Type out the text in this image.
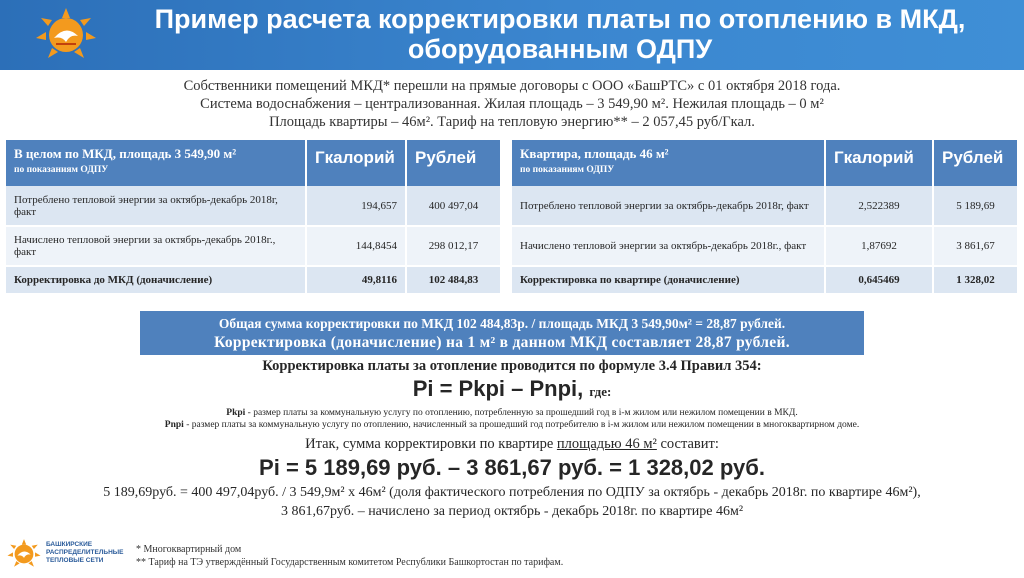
Пример расчета корректировки платы по отоплению в МКД,
оборудованным ОДПУ
Собственники помещений МКД* перешли на прямые договоры с ООО «БашРТС» с 01 октября 2018 года.
Система водоснабжения – централизованная. Жилая площадь – 3 549,90 м². Нежилая площадь – 0 м²
Площадь квартиры – 46м². Тариф на тепловую энергию** – 2 057,45 руб/Гкал.
В целом по МКД, площадь 3 549,90 м²
по показаниям ОДПУ	Гкалорий	Рублей
Потреблено тепловой энергии за октябрь-декабрь 2018г, факт	194,657	400 497,04
Начислено тепловой энергии за октябрь-декабрь 2018г., факт	144,8454	298 012,17
Корректировка до МКД (доначисление)	49,8116	102 484,83
Квартира, площадь 46 м²
по показаниям ОДПУ	Гкалорий	Рублей
Потреблено тепловой энергии за октябрь-декабрь 2018г, факт	2,522389	5 189,69
Начислено тепловой энергии за октябрь-декабрь 2018г., факт	1,87692	3 861,67
Корректировка по квартире (доначисление)	0,645469	1 328,02
Общая сумма корректировки по МКД 102 484,83р. / площадь МКД 3 549,90м² = 28,87 рублей.
Корректировка (доначисление) на 1 м² в данном МКД составляет 28,87 рублей.
Корректировка платы за отопление проводится по формуле 3.4 Правил 354:
Pi = Pkpi – Pnpi, где:
Pkpi - размер платы за коммунальную услугу по отоплению, потребленную за прошедший год в i-м жилом или нежилом помещении в МКД.
Pnpi - размер платы за коммунальную услугу по отоплению, начисленный за прошедший год потребителю в i-м жилом или нежилом помещении в многоквартирном доме.
Итак, сумма корректировки по квартире площадью 46 м² составит:
Pi = 5 189,69 руб. – 3 861,67 руб. = 1 328,02 руб.
5 189,69руб. = 400 497,04руб. / 3 549,9м² х 46м² (доля фактического потребления по ОДПУ за октябрь - декабрь 2018г. по квартире 46м²),
3 861,67руб. – начислено за период октябрь - декабрь 2018г. по квартире 46м²
БАШКИРСКИЕ
РАСПРЕДЕЛИТЕЛЬНЫЕ
ТЕПЛОВЫЕ СЕТИ
* Многоквартирный дом
** Тариф на ТЭ утверждённый Государственным комитетом Республики Башкортостан по тарифам.
